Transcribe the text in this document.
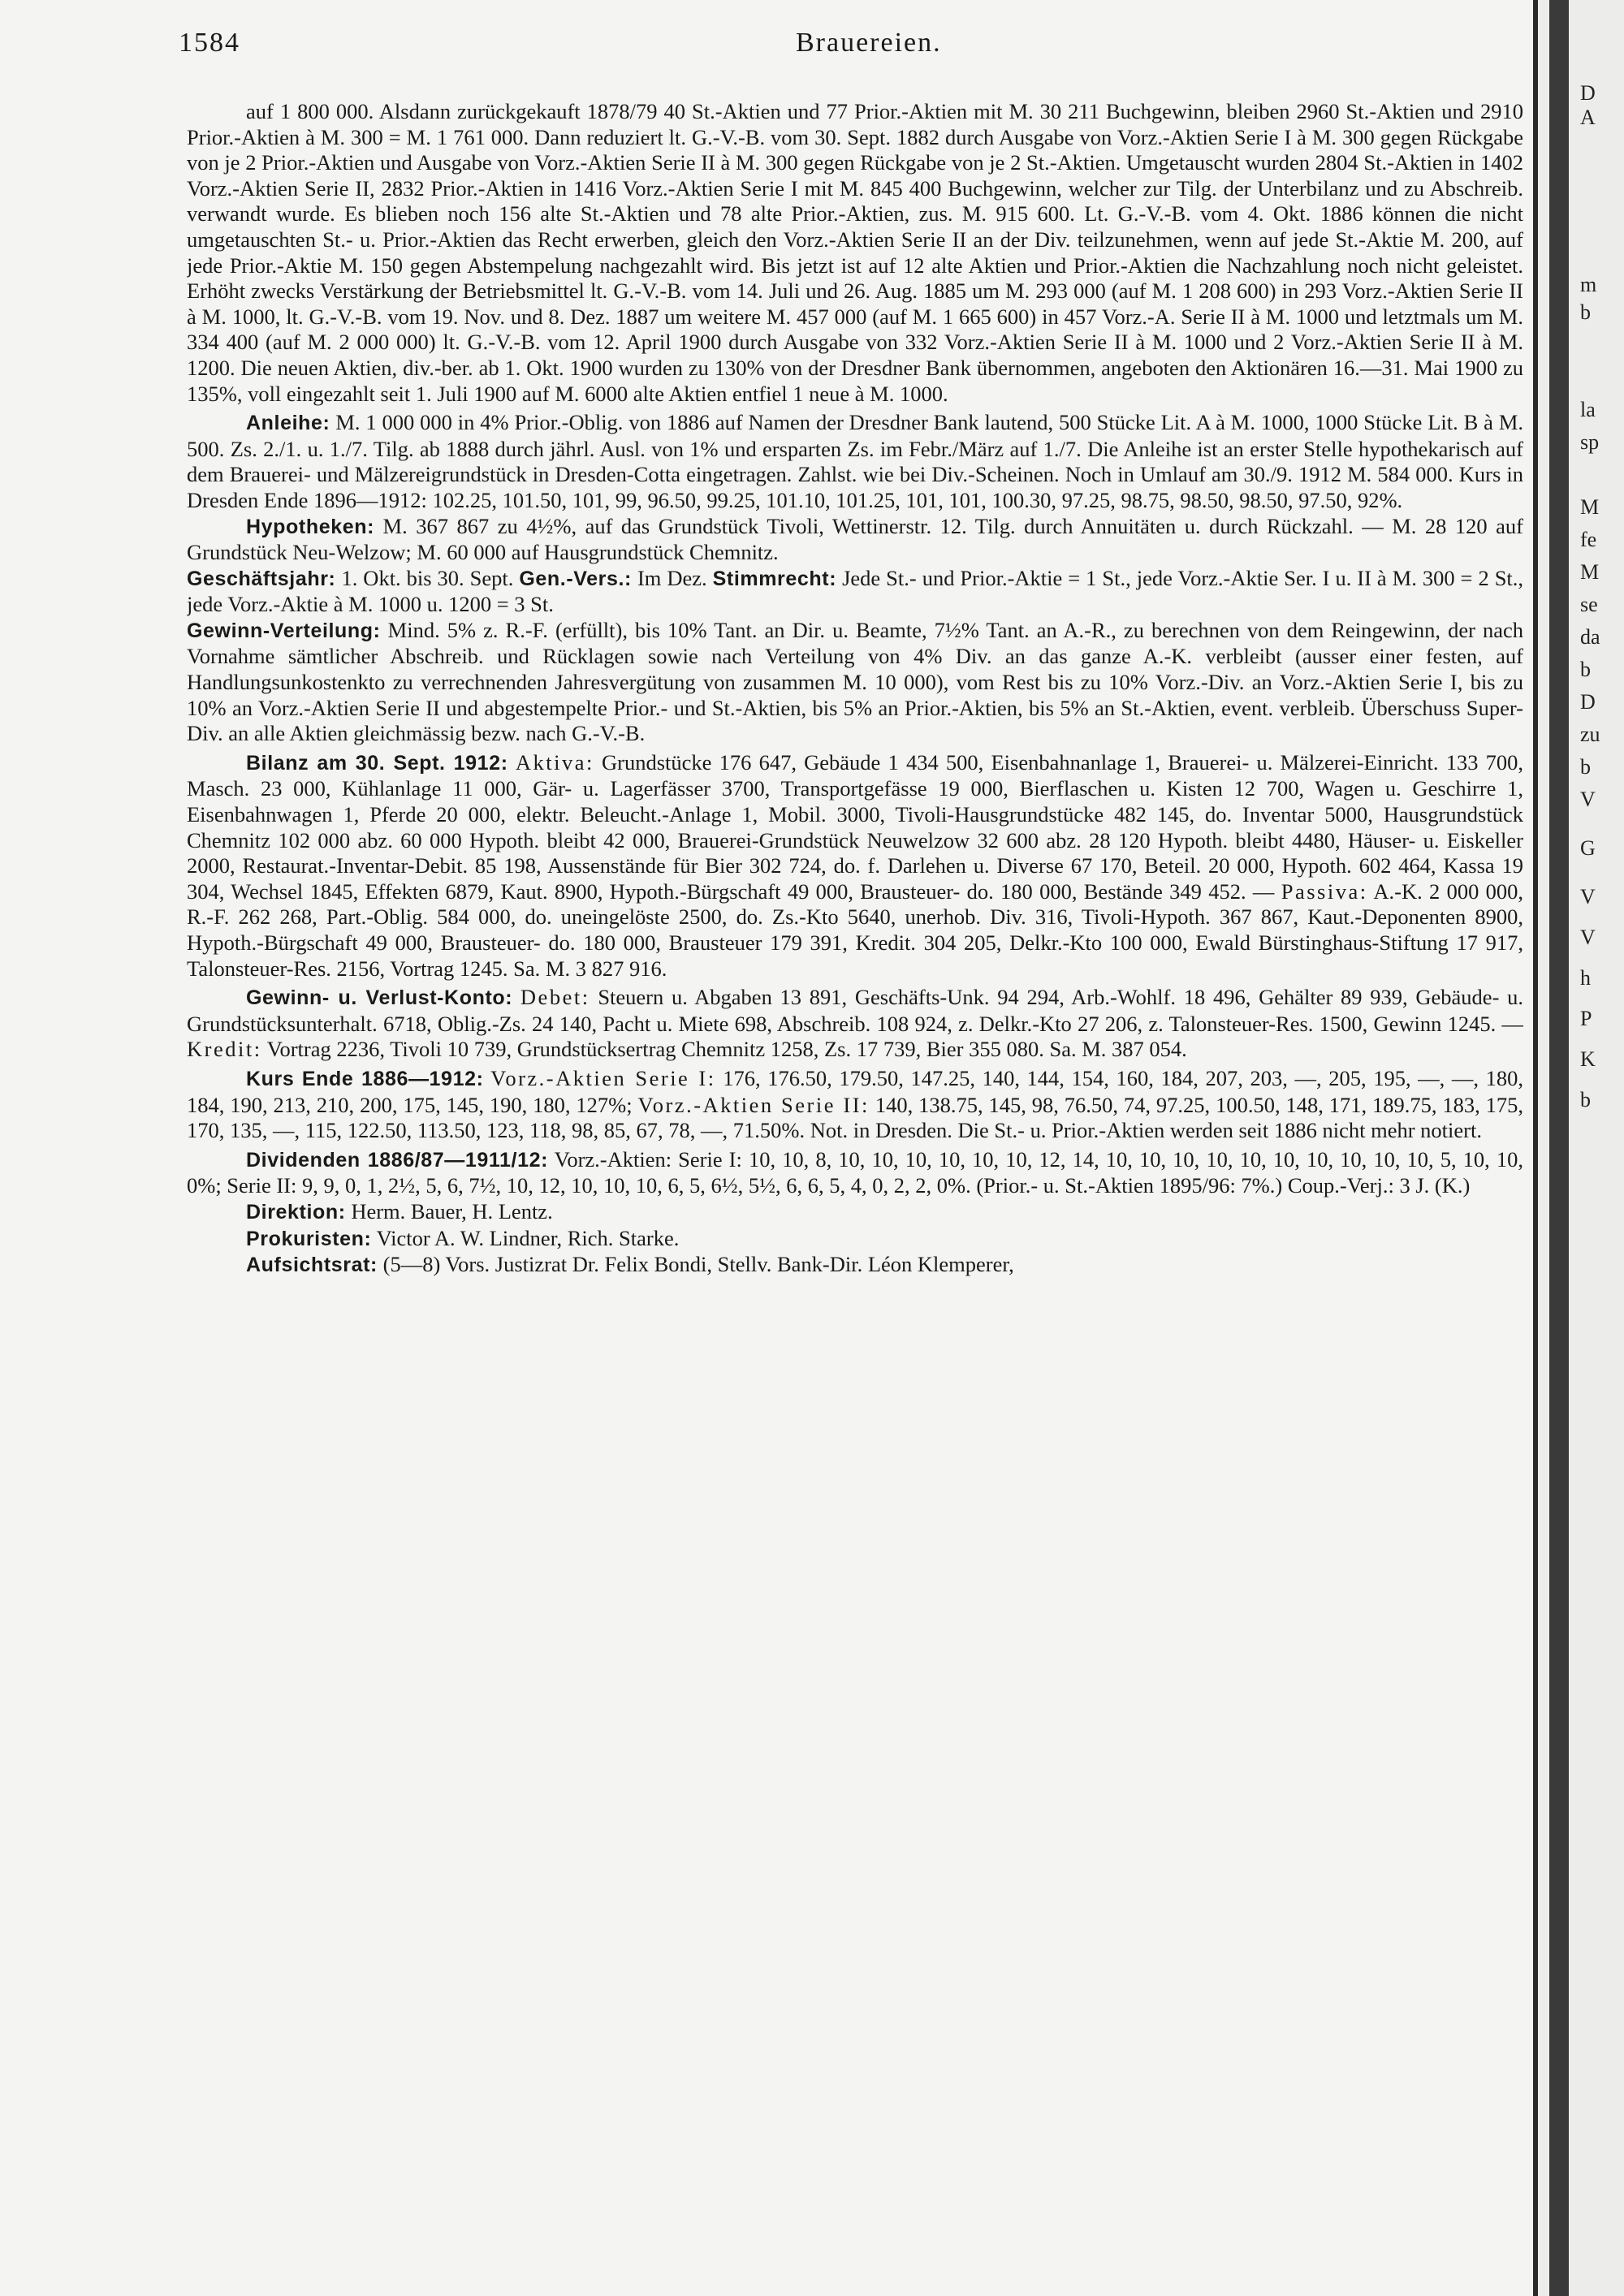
1584	Brauereien.

auf 1 800 000. Alsdann zurückgekauft 1878/79 40 St.-Aktien und 77 Prior.-Aktien mit M. 30 211 Buchgewinn, bleiben 2960 St.-Aktien und 2910 Prior.-Aktien à M. 300 = M. 1 761 000. Dann reduziert lt. G.-V.-B. vom 30. Sept. 1882 durch Ausgabe von Vorz.-Aktien Serie I à M. 300 gegen Rückgabe von je 2 Prior.-Aktien und Ausgabe von Vorz.-Aktien Serie II à M. 300 gegen Rückgabe von je 2 St.-Aktien. Umgetauscht wurden 2804 St.-Aktien in 1402 Vorz.-Aktien Serie II, 2832 Prior.-Aktien in 1416 Vorz.-Aktien Serie I mit M. 845 400 Buchgewinn, welcher zur Tilg. der Unterbilanz und zu Abschreib. verwandt wurde. Es blieben noch 156 alte St.-Aktien und 78 alte Prior.-Aktien, zus. M. 915 600. Lt. G.-V.-B. vom 4. Okt. 1886 können die nicht umgetauschten St.- u. Prior.-Aktien das Recht erwerben, gleich den Vorz.-Aktien Serie II an der Div. teilzunehmen, wenn auf jede St.-Aktie M. 200, auf jede Prior.-Aktie M. 150 gegen Abstempelung nachgezahlt wird. Bis jetzt ist auf 12 alte Aktien und Prior.-Aktien die Nachzahlung noch nicht geleistet. Erhöht zwecks Verstärkung der Betriebsmittel lt. G.-V.-B. vom 14. Juli und 26. Aug. 1885 um M. 293 000 (auf M. 1 208 600) in 293 Vorz.-Aktien Serie II à M. 1000, lt. G.-V.-B. vom 19. Nov. und 8. Dez. 1887 um weitere M. 457 000 (auf M. 1 665 600) in 457 Vorz.-A. Serie II à M. 1000 und letztmals um M. 334 400 (auf M. 2 000 000) lt. G.-V.-B. vom 12. April 1900 durch Ausgabe von 332 Vorz.-Aktien Serie II à M. 1000 und 2 Vorz.-Aktien Serie II à M. 1200. Die neuen Aktien, div.-ber. ab 1. Okt. 1900 wurden zu 130% von der Dresdner Bank übernommen, angeboten den Aktionären 16.—31. Mai 1900 zu 135%, voll eingezahlt seit 1. Juli 1900 auf M. 6000 alte Aktien entfiel 1 neue à M. 1000.

Anleihe: M. 1 000 000 in 4% Prior.-Oblig. von 1886 auf Namen der Dresdner Bank lautend, 500 Stücke Lit. A à M. 1000, 1000 Stücke Lit. B à M. 500. Zs. 2./1. u. 1./7. Tilg. ab 1888 durch jährl. Ausl. von 1% und ersparten Zs. im Febr./März auf 1./7. Die Anleihe ist an erster Stelle hypothekarisch auf dem Brauerei- und Mälzereigrundstück in Dresden-Cotta eingetragen. Zahlst. wie bei Div.-Scheinen. Noch in Umlauf am 30./9. 1912 M. 584 000. Kurs in Dresden Ende 1896—1912: 102.25, 101.50, 101, 99, 96.50, 99.25, 101.10, 101.25, 101, 101, 100.30, 97.25, 98.75, 98.50, 98.50, 97.50, 92%.

Hypotheken: M. 367 867 zu 4½%, auf das Grundstück Tivoli, Wettinerstr. 12. Tilg. durch Annuitäten u. durch Rückzahl. — M. 28 120 auf Grundstück Neu-Welzow; M. 60 000 auf Hausgrundstück Chemnitz.

Geschäftsjahr: 1. Okt. bis 30. Sept. Gen.-Vers.: Im Dez. Stimmrecht: Jede St.- und Prior.-Aktie = 1 St., jede Vorz.-Aktie Ser. I u. II à M. 300 = 2 St., jede Vorz.-Aktie à M. 1000 u. 1200 = 3 St.

Gewinn-Verteilung: Mind. 5% z. R.-F. (erfüllt), bis 10% Tant. an Dir. u. Beamte, 7½% Tant. an A.-R., zu berechnen von dem Reingewinn, der nach Vornahme sämtlicher Abschreib. und Rücklagen sowie nach Verteilung von 4% Div. an das ganze A.-K. verbleibt (ausser einer festen, auf Handlungsunkostenkto zu verrechnenden Jahresvergütung von zusammen M. 10 000), vom Rest bis zu 10% Vorz.-Div. an Vorz.-Aktien Serie I, bis zu 10% an Vorz.-Aktien Serie II und abgestempelte Prior.- und St.-Aktien, bis 5% an Prior.-Aktien, bis 5% an St.-Aktien, event. verbleib. Überschuss Super-Div. an alle Aktien gleichmässig bezw. nach G.-V.-B.

Bilanz am 30. Sept. 1912: Aktiva: Grundstücke 176 647, Gebäude 1 434 500, Eisenbahnanlage 1, Brauerei- u. Mälzerei-Einricht. 133 700, Masch. 23 000, Kühlanlage 11 000, Gär- u. Lagerfässer 3700, Transportgefässe 19 000, Bierflaschen u. Kisten 12 700, Wagen u. Geschirre 1, Eisenbahnwagen 1, Pferde 20 000, elektr. Beleucht.-Anlage 1, Mobil. 3000, Tivoli-Hausgrundstücke 482 145, do. Inventar 5000, Hausgrundstück Chemnitz 102 000 abz. 60 000 Hypoth. bleibt 42 000, Brauerei-Grundstück Neuwelzow 32 600 abz. 28 120 Hypoth. bleibt 4480, Häuser- u. Eiskeller 2000, Restaurat.-Inventar-Debit. 85 198, Aussenstände für Bier 302 724, do. f. Darlehen u. Diverse 67 170, Beteil. 20 000, Hypoth. 602 464, Kassa 19 304, Wechsel 1845, Effekten 6879, Kaut. 8900, Hypoth.-Bürgschaft 49 000, Brausteuer- do. 180 000, Bestände 349 452. — Passiva: A.-K. 2 000 000, R.-F. 262 268, Part.-Oblig. 584 000, do. uneingelöste 2500, do. Zs.-Kto 5640, unerhob. Div. 316, Tivoli-Hypoth. 367 867, Kaut.-Deponenten 8900, Hypoth.-Bürgschaft 49 000, Brausteuer- do. 180 000, Brausteuer 179 391, Kredit. 304 205, Delkr.-Kto 100 000, Ewald Bürstinghaus-Stiftung 17 917, Talonsteuer-Res. 2156, Vortrag 1245. Sa. M. 3 827 916.

Gewinn- u. Verlust-Konto: Debet: Steuern u. Abgaben 13 891, Geschäfts-Unk. 94 294, Arb.-Wohlf. 18 496, Gehälter 89 939, Gebäude- u. Grundstücksunterhalt. 6718, Oblig.-Zs. 24 140, Pacht u. Miete 698, Abschreib. 108 924, z. Delkr.-Kto 27 206, z. Talonsteuer-Res. 1500, Gewinn 1245. — Kredit: Vortrag 2236, Tivoli 10 739, Grundstücksertrag Chemnitz 1258, Zs. 17 739, Bier 355 080. Sa. M. 387 054.

Kurs Ende 1886—1912: Vorz.-Aktien Serie I: 176, 176.50, 179.50, 147.25, 140, 144, 154, 160, 184, 207, 203, —, 205, 195, —, —, 180, 184, 190, 213, 210, 200, 175, 145, 190, 180, 127%; Vorz.-Aktien Serie II: 140, 138.75, 145, 98, 76.50, 74, 97.25, 100.50, 148, 171, 189.75, 183, 175, 170, 135, —, 115, 122.50, 113.50, 123, 118, 98, 85, 67, 78, —, 71.50%. Not. in Dresden. Die St.- u. Prior.-Aktien werden seit 1886 nicht mehr notiert.

Dividenden 1886/87—1911/12: Vorz.-Aktien: Serie I: 10, 10, 8, 10, 10, 10, 10, 10, 10, 12, 14, 10, 10, 10, 10, 10, 10, 10, 10, 10, 10, 5, 10, 10, 0%; Serie II: 9, 9, 0, 1, 2½, 5, 6, 7½, 10, 12, 10, 10, 10, 6, 5, 6½, 5½, 6, 6, 5, 4, 0, 2, 2, 0%. (Prior.- u. St.-Aktien 1895/96: 7%.) Coup.-Verj.: 3 J. (K.)

Direktion: Herm. Bauer, H. Lentz.

Prokuristen: Victor A. W. Lindner, Rich. Starke.

Aufsichtsrat: (5—8) Vors. Justizrat Dr. Felix Bondi, Stellv. Bank-Dir. Léon Klemperer,

D
A
m
b
la
sp
M
fe
M
se
da
b
D
zu
b
V
G
V
V
h
P
K
b
